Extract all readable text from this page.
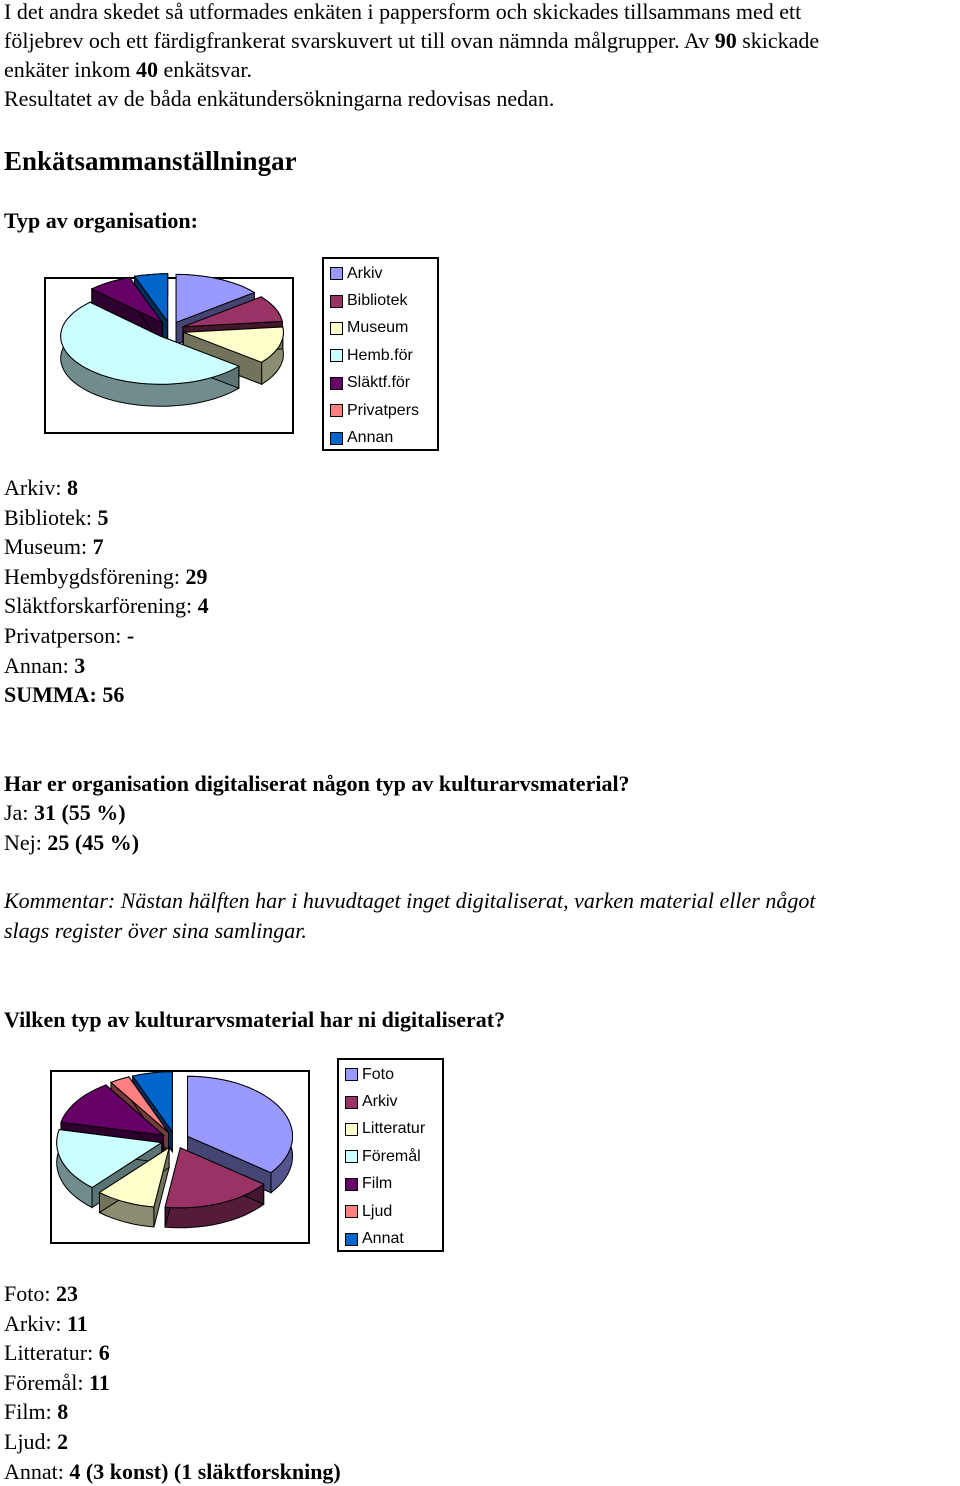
I det andra skedet så utformades enkäten i pappersform och skickades tillsammans med ett
följebrev och ett färdigfrankerat svarskuvert ut till ovan nämnda målgrupper. Av 90 skickade
enkäter inkom 40 enkätsvar.
Resultatet av de båda enkätundersökningarna redovisas nedan.
Enkätsammanställningar
Typ av organisation:
Arkiv
Bibliotek
Museum
Hemb.för
Släktf.för
Privatpers
Annan
Arkiv: 8
Bibliotek: 5
Museum: 7
Hembygdsförening: 29
Släktforskarförening: 4
Privatperson: -
Annan: 3
SUMMA: 56
Har er organisation digitaliserat någon typ av kulturarvsmaterial?
Ja: 31 (55 %)
Nej: 25 (45 %)
Kommentar: Nästan hälften har i huvudtaget inget digitaliserat, varken material eller något
slags register över sina samlingar.
Vilken typ av kulturarvsmaterial har ni digitaliserat?
Foto
Arkiv
Litteratur
Föremål
Film
Ljud
Annat
Foto: 23
Arkiv: 11
Litteratur: 6
Föremål: 11
Film: 8
Ljud: 2
Annat: 4 (3 konst) (1 släktforskning)
